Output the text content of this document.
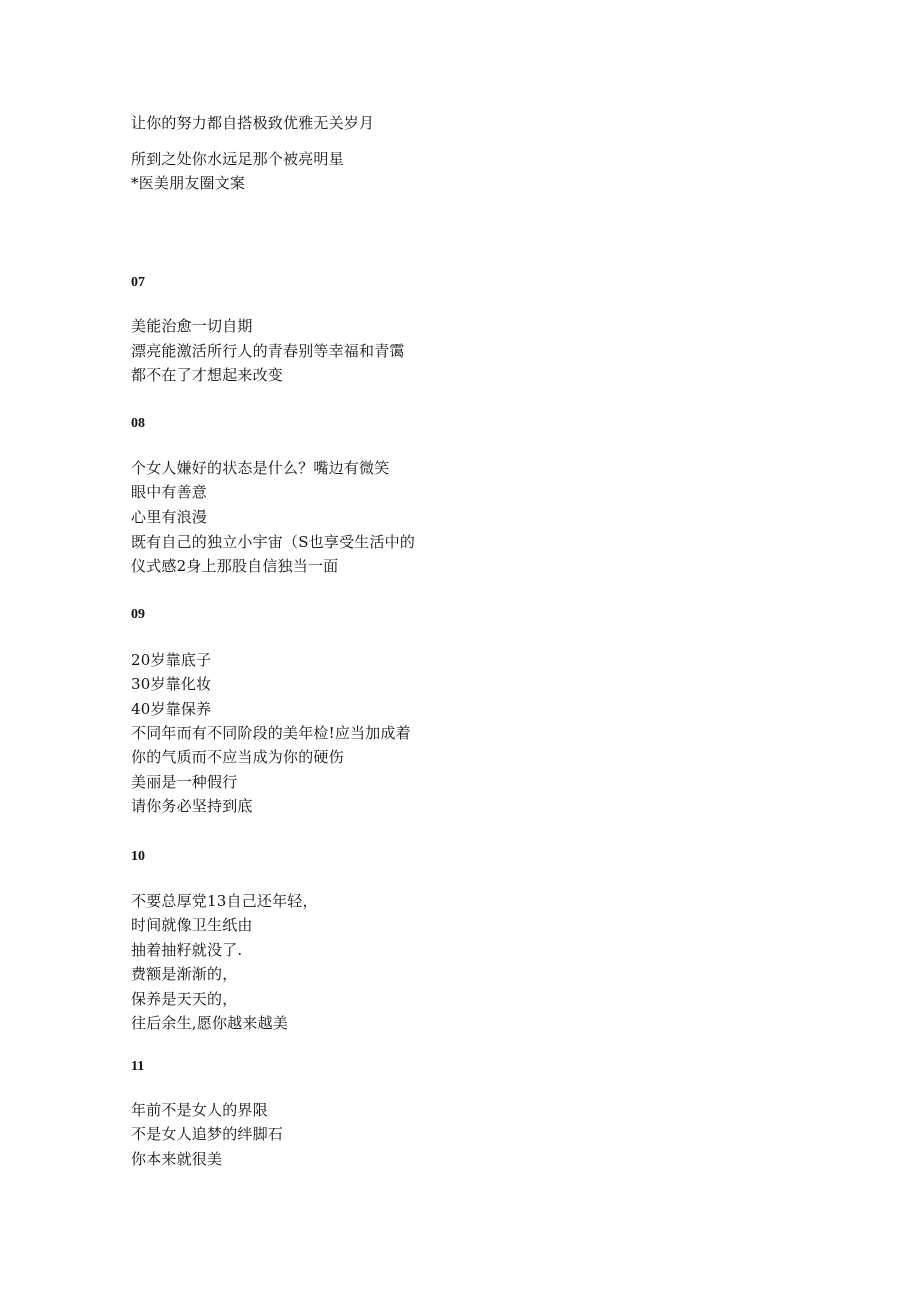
让你的努力都自搭极致优雅无关岁月
所到之处你水远足那个被亮明星
*医美朋友圈文案
07
美能治愈一切自期
漂亮能激活所行人的青春别等幸福和青霭
都不在了才想起来改变
08
个女人嫌好的状态是什么？嘴边有微笑
眼中有善意
心里有浪漫
既有自己的独立小宇宙（S也享受生活中的
仪式感2身上那股自信独当一面
09
20岁靠底子
30岁靠化妆
40岁靠保养
不同年而有不同阶段的美年检!应当加成着
你的气质而不应当成为你的硬伤
美丽是一种假行
请你务必坚持到底
10
不要总厚党13自己还年轻，
时间就像卫生纸由
抽着抽籽就没了.
费额是渐渐的，
保养是天天的，
往后余生,愿你越来越美
11
年前不是女人的界限
不是女人追梦的绊脚石
你本来就很美
